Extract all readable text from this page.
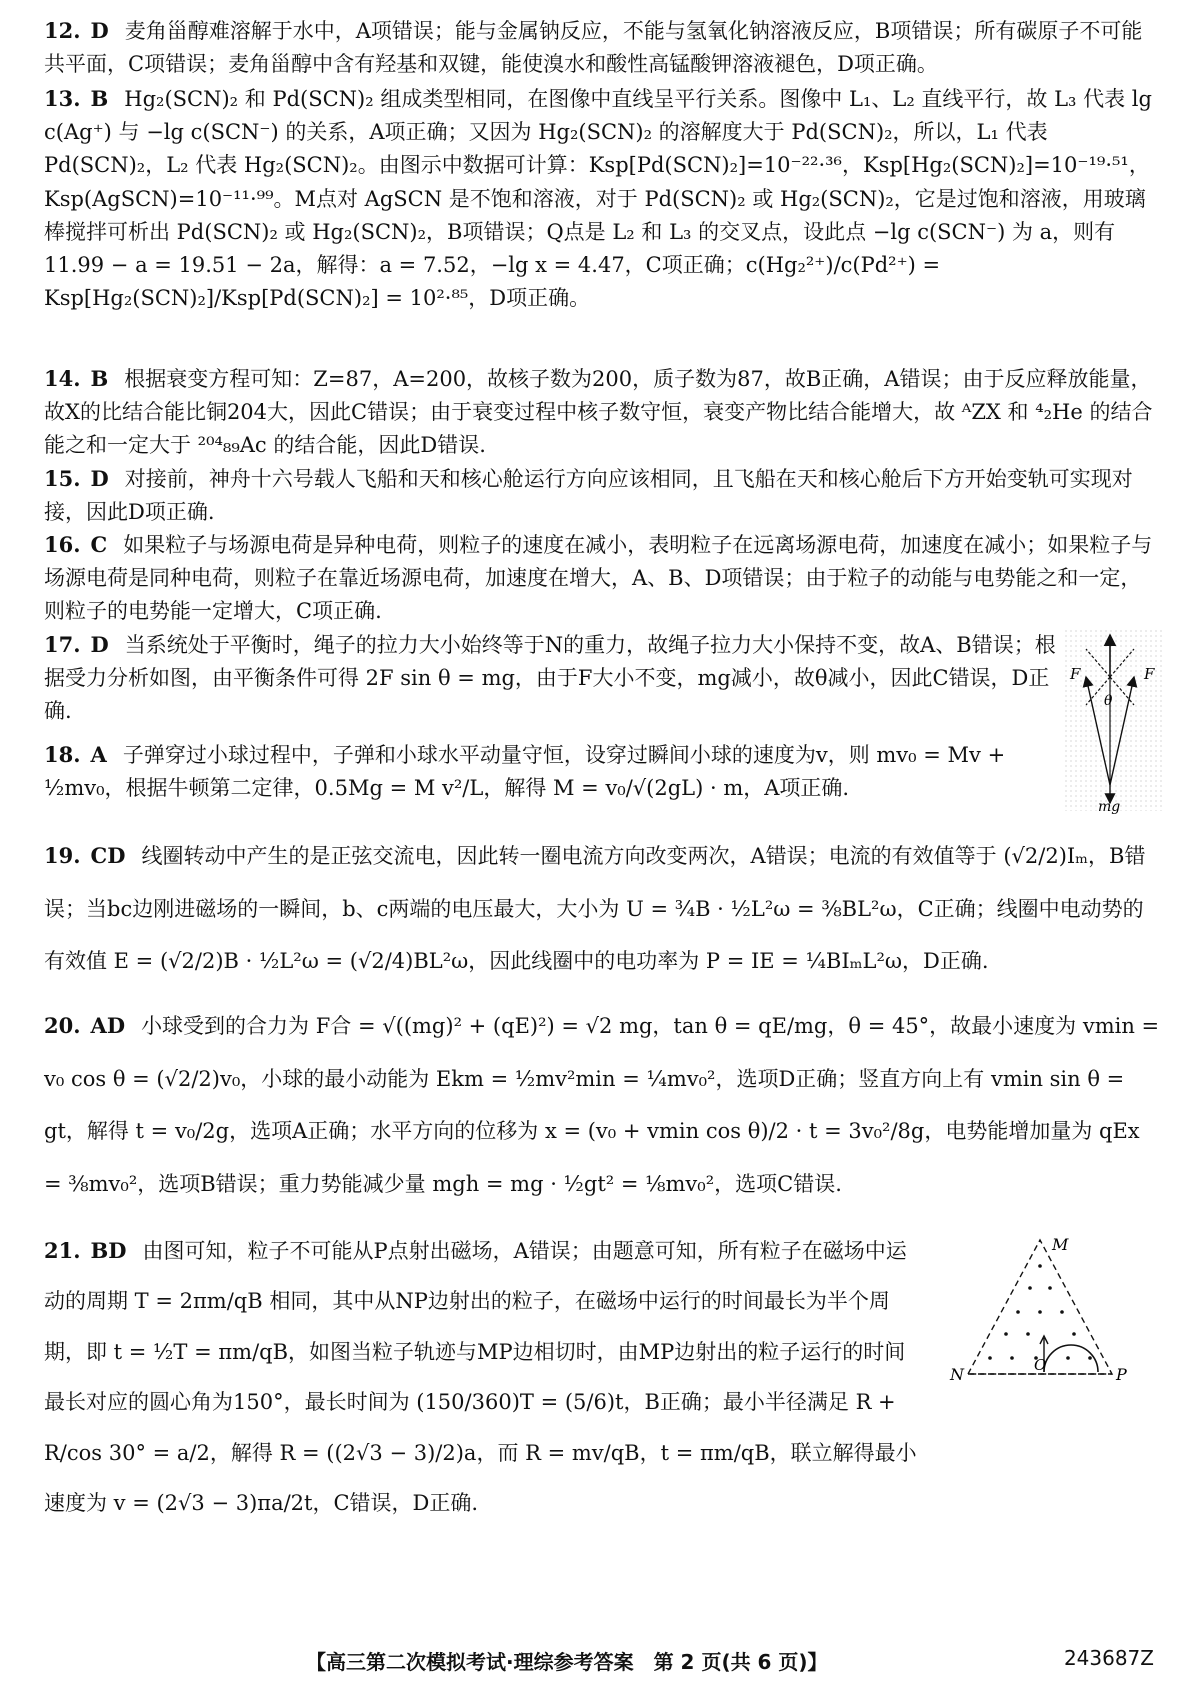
12. D 麦角甾醇难溶解于水中，A项错误；能与金属钠反应，不能与氢氧化钠溶液反应，B项错误；所有碳原子不可能共平面，C项错误；麦角甾醇中含有羟基和双键，能使溴水和酸性高锰酸钾溶液褪色，D项正确。

13. B Hg₂(SCN)₂ 和 Pd(SCN)₂ 组成类型相同，在图像中直线呈平行关系。图像中 L₁、L₂ 直线平行，故 L₃ 代表 lg c(Ag⁺) 与 −lg c(SCN⁻) 的关系，A项正确；又因为 Hg₂(SCN)₂ 的溶解度大于 Pd(SCN)₂，所以，L₁ 代表 Pd(SCN)₂，L₂ 代表 Hg₂(SCN)₂。由图示中数据可计算：Ksp[Pd(SCN)₂]=10⁻²²·³⁶，Ksp[Hg₂(SCN)₂]=10⁻¹⁹·⁵¹，Ksp(AgSCN)=10⁻¹¹·⁹⁹。M点对 AgSCN 是不饱和溶液，对于 Pd(SCN)₂ 或 Hg₂(SCN)₂，它是过饱和溶液，用玻璃棒搅拌可析出 Pd(SCN)₂ 或 Hg₂(SCN)₂，B项错误；Q点是 L₂ 和 L₃ 的交叉点，设此点 −lg c(SCN⁻) 为 a，则有 11.99 − a = 19.51 − 2a，解得：a = 7.52，−lg x = 4.47，C项正确；c(Hg₂²⁺)/c(Pd²⁺) = Ksp[Hg₂(SCN)₂]/Ksp[Pd(SCN)₂] = 10²·⁸⁵，D项正确。

14. B 根据衰变方程可知：Z=87，A=200，故核子数为200，质子数为87，故B正确，A错误；由于反应释放能量，故X的比结合能比铜204大，因此C错误；由于衰变过程中核子数守恒，衰变产物比结合能增大，故 ᴬZX 和 ⁴₂He 的结合能之和一定大于 ²⁰⁴₈₉Ac 的结合能，因此D错误.

15. D 对接前，神舟十六号载人飞船和天和核心舱运行方向应该相同，且飞船在天和核心舱后下方开始变轨可实现对接，因此D项正确.

16. C 如果粒子与场源电荷是异种电荷，则粒子的速度在减小，表明粒子在远离场源电荷，加速度在减小；如果粒子与场源电荷是同种电荷，则粒子在靠近场源电荷，加速度在增大，A、B、D项错误；由于粒子的动能与电势能之和一定，则粒子的电势能一定增大，C项正确.

17. D 当系统处于平衡时，绳子的拉力大小始终等于N的重力，故绳子拉力大小保持不变，故A、B错误；根据受力分析如图，由平衡条件可得 2F sin θ = mg，由于F大小不变，mg减小，故θ减小，因此C错误，D正确.

18. A 子弹穿过小球过程中，子弹和小球水平动量守恒，设穿过瞬间小球的速度为v，则 mv₀ = Mv + ½mv₀，根据牛顿第二定律，0.5Mg = M v²/L，解得 M = v₀/√(2gL) · m，A项正确.

F	F
θ
mg

19. CD 线圈转动中产生的是正弦交流电，因此转一圈电流方向改变两次，A错误；电流的有效值等于 (√2/2)Iₘ，B错误；当bc边刚进磁场的一瞬间，b、c两端的电压最大，大小为 U = ¾B · ½L²ω = ⅜BL²ω，C正确；线圈中电动势的有效值 E = (√2/2)B · ½L²ω = (√2/4)BL²ω，因此线圈中的电功率为 P = IE = ¼BIₘL²ω，D正确.

20. AD 小球受到的合力为 F合 = √((mg)² + (qE)²) = √2 mg，tan θ = qE/mg，θ = 45°，故最小速度为 vmin = v₀ cos θ = (√2/2)v₀，小球的最小动能为 Ekm = ½mv²min = ¼mv₀²，选项D正确；竖直方向上有 vmin sin θ = gt，解得 t = v₀/2g，选项A正确；水平方向的位移为 x = (v₀ + vmin cos θ)/2 · t = 3v₀²/8g，电势能增加量为 qEx = ⅜mv₀²，选项B错误；重力势能减少量 mgh = mg · ½gt² = ⅛mv₀²，选项C错误.

21. BD 由图可知，粒子不可能从P点射出磁场，A错误；由题意可知，所有粒子在磁场中运动的周期 T = 2πm/qB 相同，其中从NP边射出的粒子，在磁场中运行的时间最长为半个周期，即 t = ½T = πm/qB，如图当粒子轨迹与MP边相切时，由MP边射出的粒子运行的时间最长对应的圆心角为150°，最长时间为 (150/360)T = (5/6)t，B正确；最小半径满足 R + R/cos 30° = a/2，解得 R = ((2√3 − 3)/2)a，而 R = mv/qB，t = πm/qB，联立解得最小速度为 v = (2√3 − 3)πa/2t，C错误，D正确.

M
N	P
O
【高三第二次模拟考试·理综参考答案　第 2 页(共 6 页)】	243687Z
